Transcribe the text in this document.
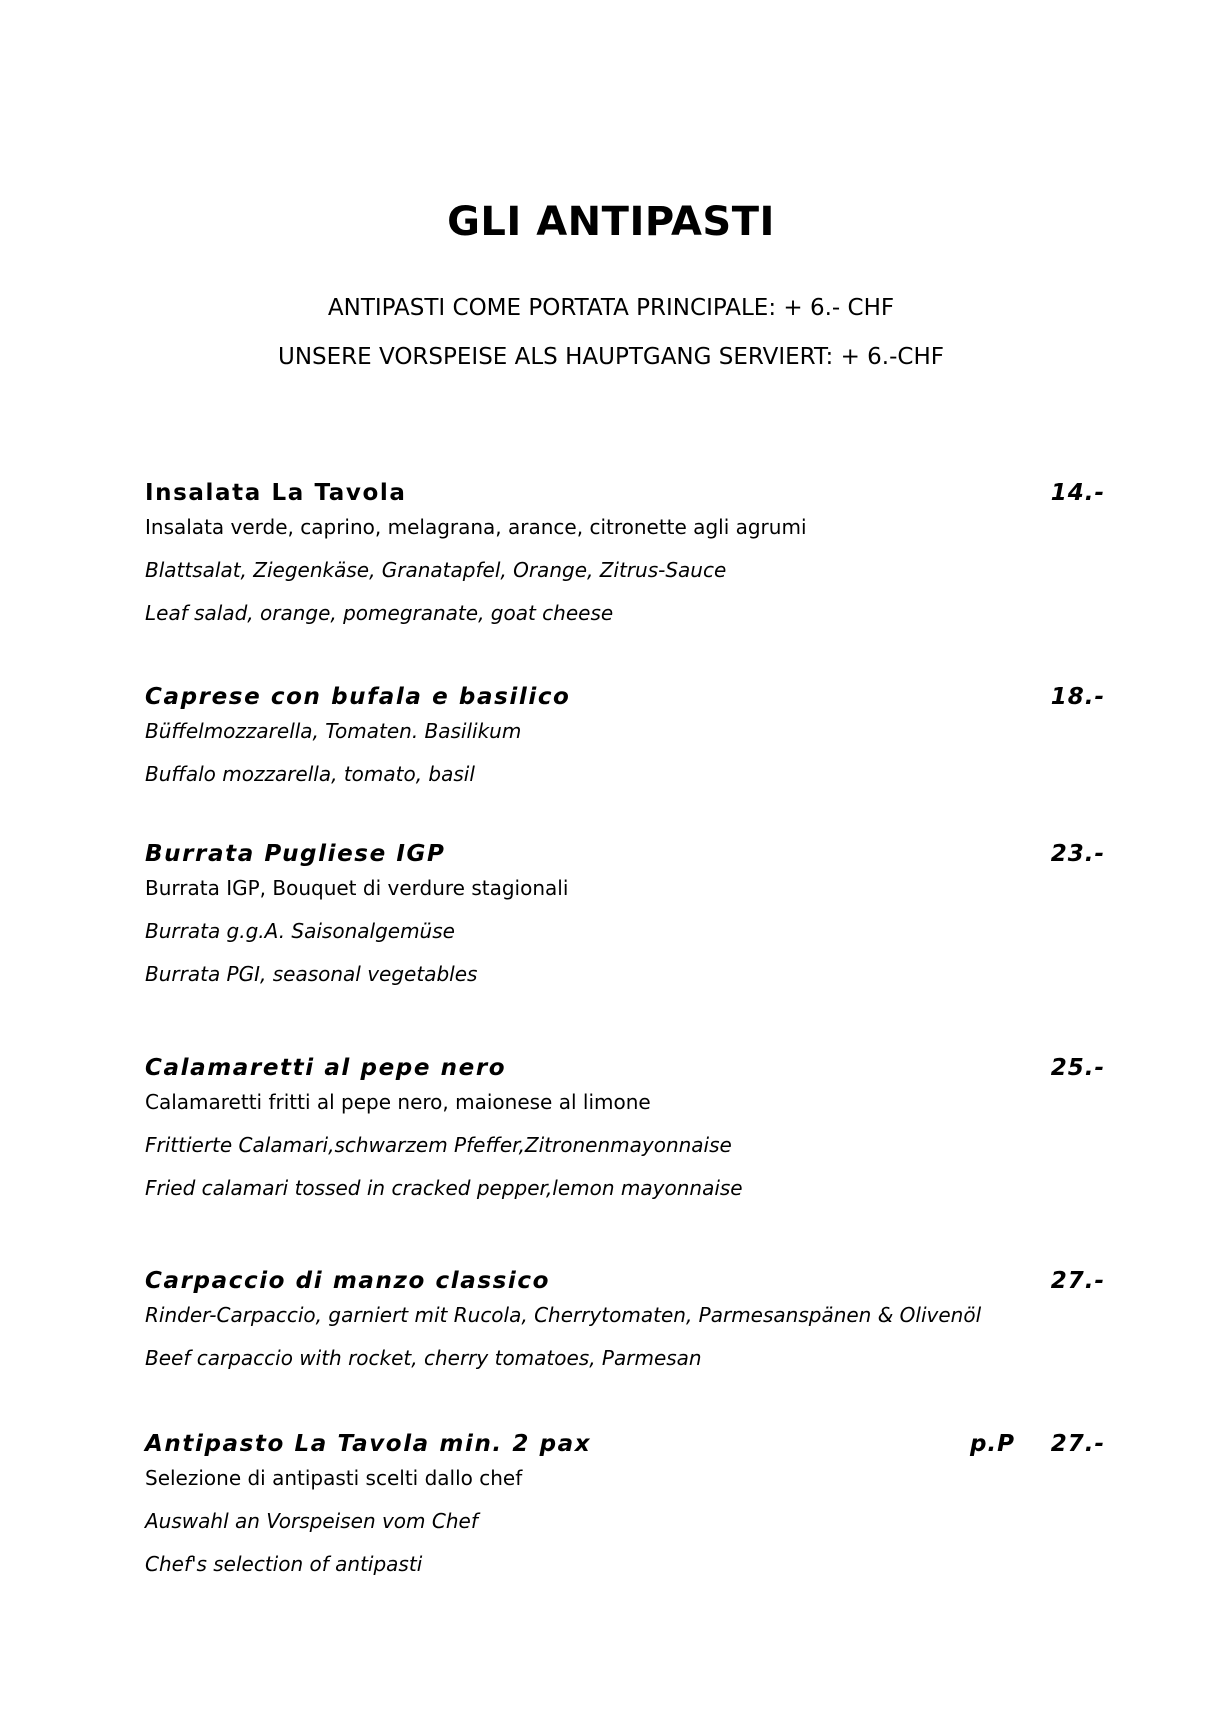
GLI ANTIPASTI
ANTIPASTI COME PORTATA PRINCIPALE: + 6.- CHF
UNSERE VORSPEISE ALS HAUPTGANG SERVIERT: + 6.-CHF
Insalata La Tavola	14.-
Insalata verde, caprino, melagrana, arance, citronette agli agrumi
Blattsalat, Ziegenkäse, Granatapfel, Orange, Zitrus-Sauce
Leaf salad, orange, pomegranate, goat cheese
Caprese con bufala e basilico	18.-
Büffelmozzarella, Tomaten. Basilikum
Buffalo mozzarella, tomato, basil
Burrata Pugliese IGP	23.-
Burrata IGP, Bouquet di verdure stagionali
Burrata g.g.A. Saisonalgemüse
Burrata PGI, seasonal vegetables
Calamaretti al pepe nero	25.-
Calamaretti fritti al pepe nero, maionese al limone
Frittierte Calamari,schwarzem Pfeffer,Zitronenmayonnaise
Fried calamari tossed in cracked pepper,lemon mayonnaise
Carpaccio di manzo classico	27.-
Rinder-Carpaccio, garniert mit Rucola, Cherrytomaten, Parmesanspänen & Olivenöl
Beef carpaccio with rocket, cherry tomatoes, Parmesan
Antipasto La Tavola min. 2 pax	p.P 27.-
Selezione di antipasti scelti dallo chef
Auswahl an Vorspeisen vom Chef
Chef's selection of antipasti
